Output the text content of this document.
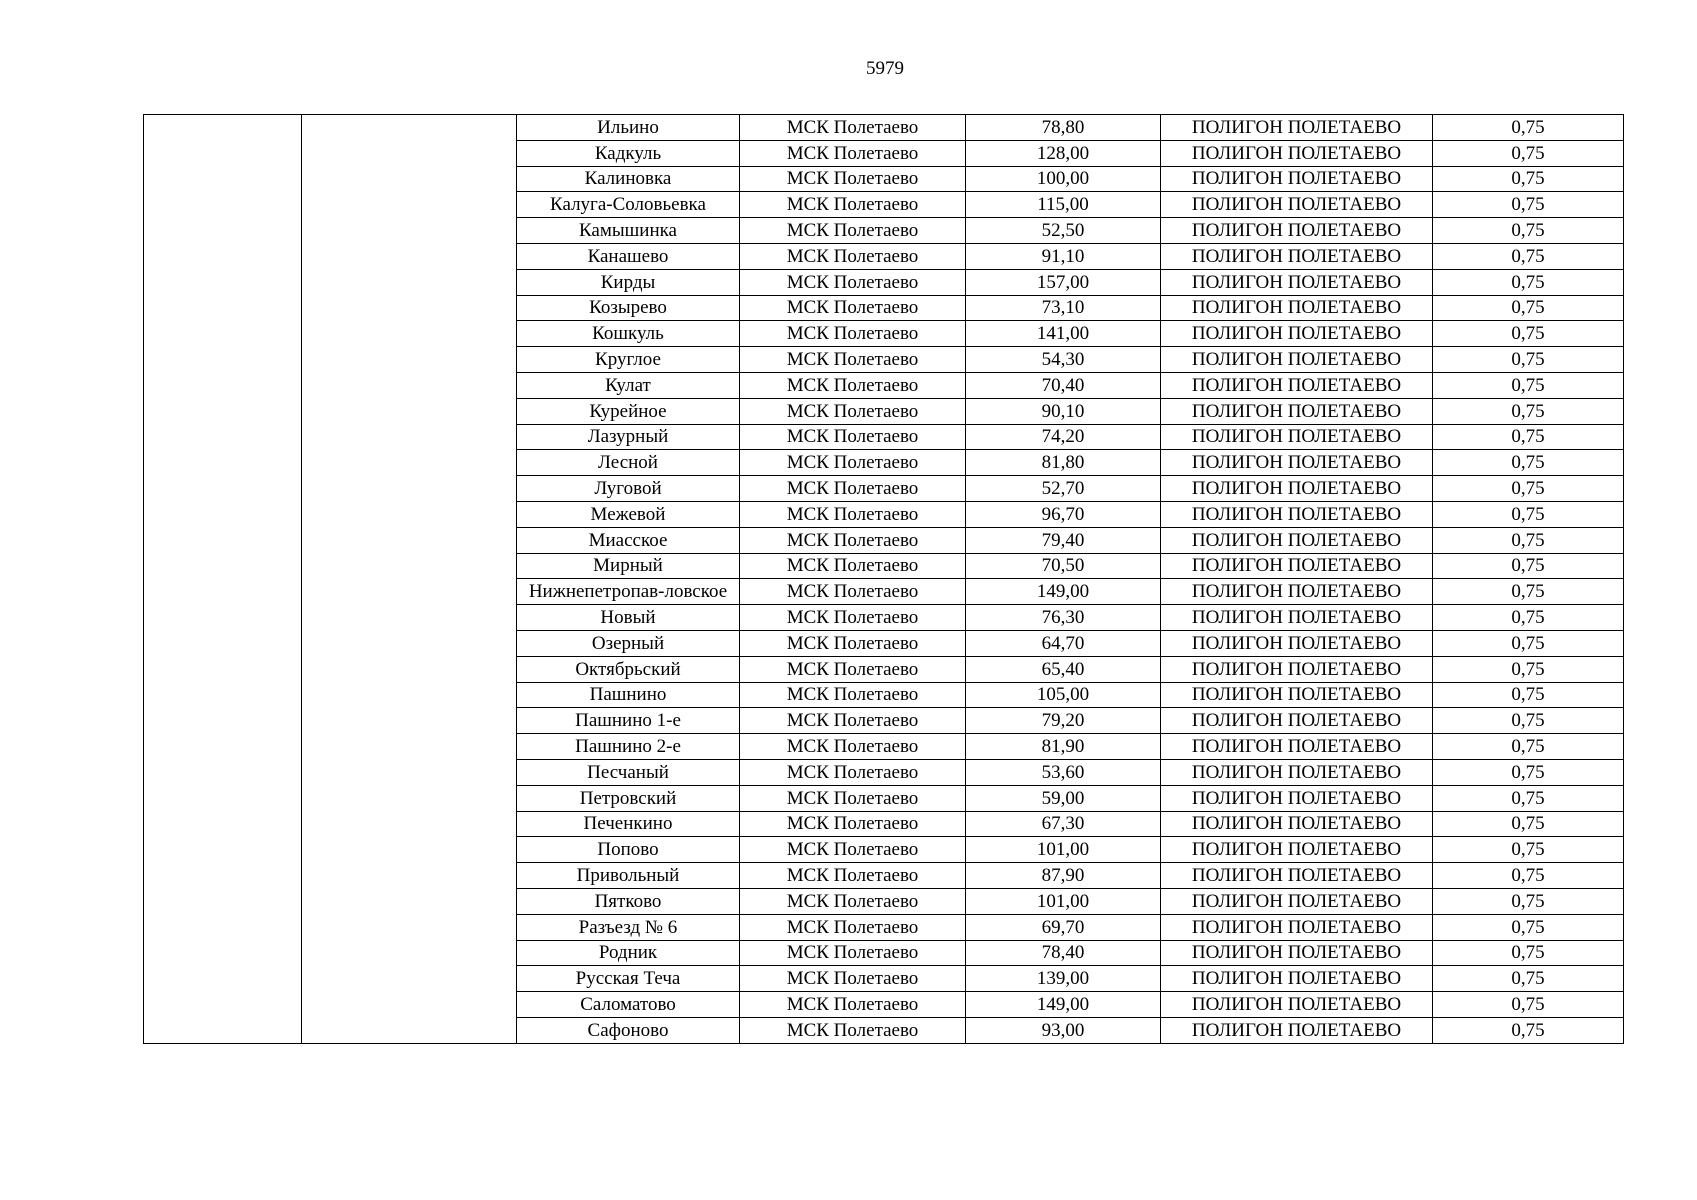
5979
		Ильино	МСК Полетаево	78,80	ПОЛИГОН ПОЛЕТАЕВО	0,75
		Кадкуль	МСК Полетаево	128,00	ПОЛИГОН ПОЛЕТАЕВО	0,75
		Калиновка	МСК Полетаево	100,00	ПОЛИГОН ПОЛЕТАЕВО	0,75
		Калуга-Соловьевка	МСК Полетаево	115,00	ПОЛИГОН ПОЛЕТАЕВО	0,75
		Камышинка	МСК Полетаево	52,50	ПОЛИГОН ПОЛЕТАЕВО	0,75
		Канашево	МСК Полетаево	91,10	ПОЛИГОН ПОЛЕТАЕВО	0,75
		Кирды	МСК Полетаево	157,00	ПОЛИГОН ПОЛЕТАЕВО	0,75
		Козырево	МСК Полетаево	73,10	ПОЛИГОН ПОЛЕТАЕВО	0,75
		Кошкуль	МСК Полетаево	141,00	ПОЛИГОН ПОЛЕТАЕВО	0,75
		Круглое	МСК Полетаево	54,30	ПОЛИГОН ПОЛЕТАЕВО	0,75
		Кулат	МСК Полетаево	70,40	ПОЛИГОН ПОЛЕТАЕВО	0,75
		Курейное	МСК Полетаево	90,10	ПОЛИГОН ПОЛЕТАЕВО	0,75
		Лазурный	МСК Полетаево	74,20	ПОЛИГОН ПОЛЕТАЕВО	0,75
		Лесной	МСК Полетаево	81,80	ПОЛИГОН ПОЛЕТАЕВО	0,75
		Луговой	МСК Полетаево	52,70	ПОЛИГОН ПОЛЕТАЕВО	0,75
		Межевой	МСК Полетаево	96,70	ПОЛИГОН ПОЛЕТАЕВО	0,75
		Миасское	МСК Полетаево	79,40	ПОЛИГОН ПОЛЕТАЕВО	0,75
		Мирный	МСК Полетаево	70,50	ПОЛИГОН ПОЛЕТАЕВО	0,75
		Нижнепетропав-​ловское	МСК Полетаево	149,00	ПОЛИГОН ПОЛЕТАЕВО	0,75
		Новый	МСК Полетаево	76,30	ПОЛИГОН ПОЛЕТАЕВО	0,75
		Озерный	МСК Полетаево	64,70	ПОЛИГОН ПОЛЕТАЕВО	0,75
		Октябрьский	МСК Полетаево	65,40	ПОЛИГОН ПОЛЕТАЕВО	0,75
		Пашнино	МСК Полетаево	105,00	ПОЛИГОН ПОЛЕТАЕВО	0,75
		Пашнино 1-е	МСК Полетаево	79,20	ПОЛИГОН ПОЛЕТАЕВО	0,75
		Пашнино 2-е	МСК Полетаево	81,90	ПОЛИГОН ПОЛЕТАЕВО	0,75
		Песчаный	МСК Полетаево	53,60	ПОЛИГОН ПОЛЕТАЕВО	0,75
		Петровский	МСК Полетаево	59,00	ПОЛИГОН ПОЛЕТАЕВО	0,75
		Печенкино	МСК Полетаево	67,30	ПОЛИГОН ПОЛЕТАЕВО	0,75
		Попово	МСК Полетаево	101,00	ПОЛИГОН ПОЛЕТАЕВО	0,75
		Привольный	МСК Полетаево	87,90	ПОЛИГОН ПОЛЕТАЕВО	0,75
		Пятково	МСК Полетаево	101,00	ПОЛИГОН ПОЛЕТАЕВО	0,75
		Разъезд № 6	МСК Полетаево	69,70	ПОЛИГОН ПОЛЕТАЕВО	0,75
		Родник	МСК Полетаево	78,40	ПОЛИГОН ПОЛЕТАЕВО	0,75
		Русская Теча	МСК Полетаево	139,00	ПОЛИГОН ПОЛЕТАЕВО	0,75
		Саломатово	МСК Полетаево	149,00	ПОЛИГОН ПОЛЕТАЕВО	0,75
		Сафоново	МСК Полетаево	93,00	ПОЛИГОН ПОЛЕТАЕВО	0,75
